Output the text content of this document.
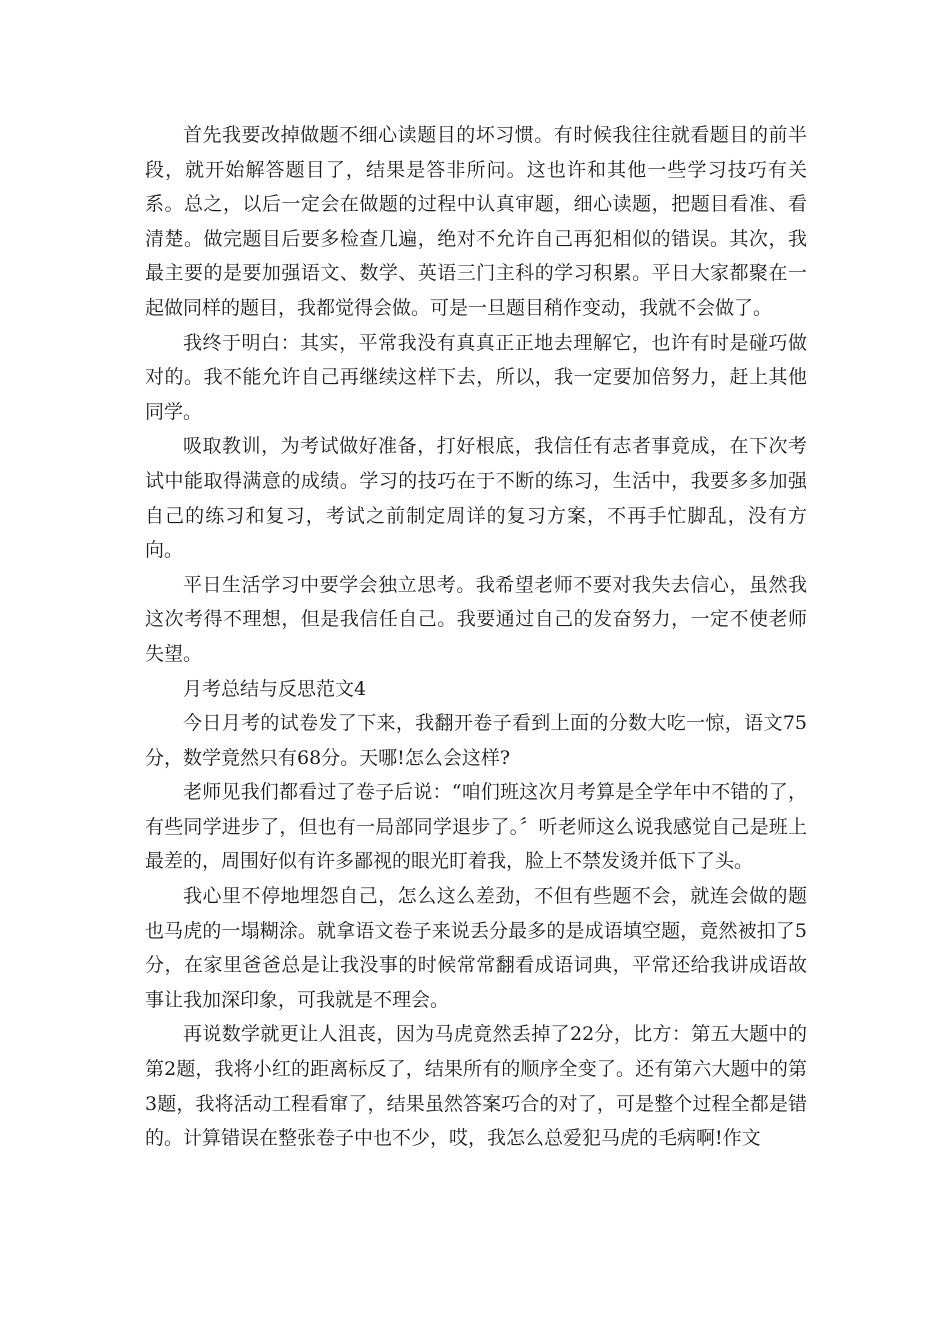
首先我要改掉做题不细心读题目的坏习惯。有时候我往往就看题目的前半段，就开始解答题目了，结果是答非所问。这也许和其他一些学习技巧有关系。总之，以后一定会在做题的过程中认真审题，细心读题，把题目看准、看清楚。做完题目后要多检查几遍，绝对不允许自己再犯相似的错误。其次，我最主要的是要加强语文、数学、英语三门主科的学习积累。平日大家都聚在一起做同样的题目，我都觉得会做。可是一旦题目稍作变动，我就不会做了。

我终于明白：其实，平常我没有真真正正地去理解它，也许有时是碰巧做对的。我不能允许自己再继续这样下去，所以，我一定要加倍努力，赶上其他同学。

吸取教训，为考试做好准备，打好根底，我信任有志者事竟成，在下次考试中能取得满意的成绩。学习的技巧在于不断的练习，生活中，我要多多加强自己的练习和复习，考试之前制定周详的复习方案，不再手忙脚乱，没有方向。

平日生活学习中要学会独立思考。我希望老师不要对我失去信心，虽然我这次考得不理想，但是我信任自己。我要通过自己的发奋努力，一定不使老师失望。

月考总结与反思范文4

今日月考的试卷发了下来，我翻开卷子看到上面的分数大吃一惊，语文75分，数学竟然只有68分。天哪!怎么会这样?

老师见我们都看过了卷子后说：“咱们班这次月考算是全学年中不错的了，有些同学进步了，但也有一局部同学退步了。〞听老师这么说我感觉自己是班上最差的，周围好似有许多鄙视的眼光盯着我，脸上不禁发烫并低下了头。

我心里不停地埋怨自己，怎么这么差劲，不但有些题不会，就连会做的题也马虎的一塌糊涂。就拿语文卷子来说丢分最多的是成语填空题，竟然被扣了5分，在家里爸爸总是让我没事的时候常常翻看成语词典，平常还给我讲成语故事让我加深印象，可我就是不理会。

再说数学就更让人沮丧，因为马虎竟然丢掉了22分，比方：第五大题中的第2题，我将小红的距离标反了，结果所有的顺序全变了。还有第六大题中的第3题，我将活动工程看窜了，结果虽然答案巧合的对了，可是整个过程全都是错的。计算错误在整张卷子中也不少，哎，我怎么总爱犯马虎的毛病啊!作文
